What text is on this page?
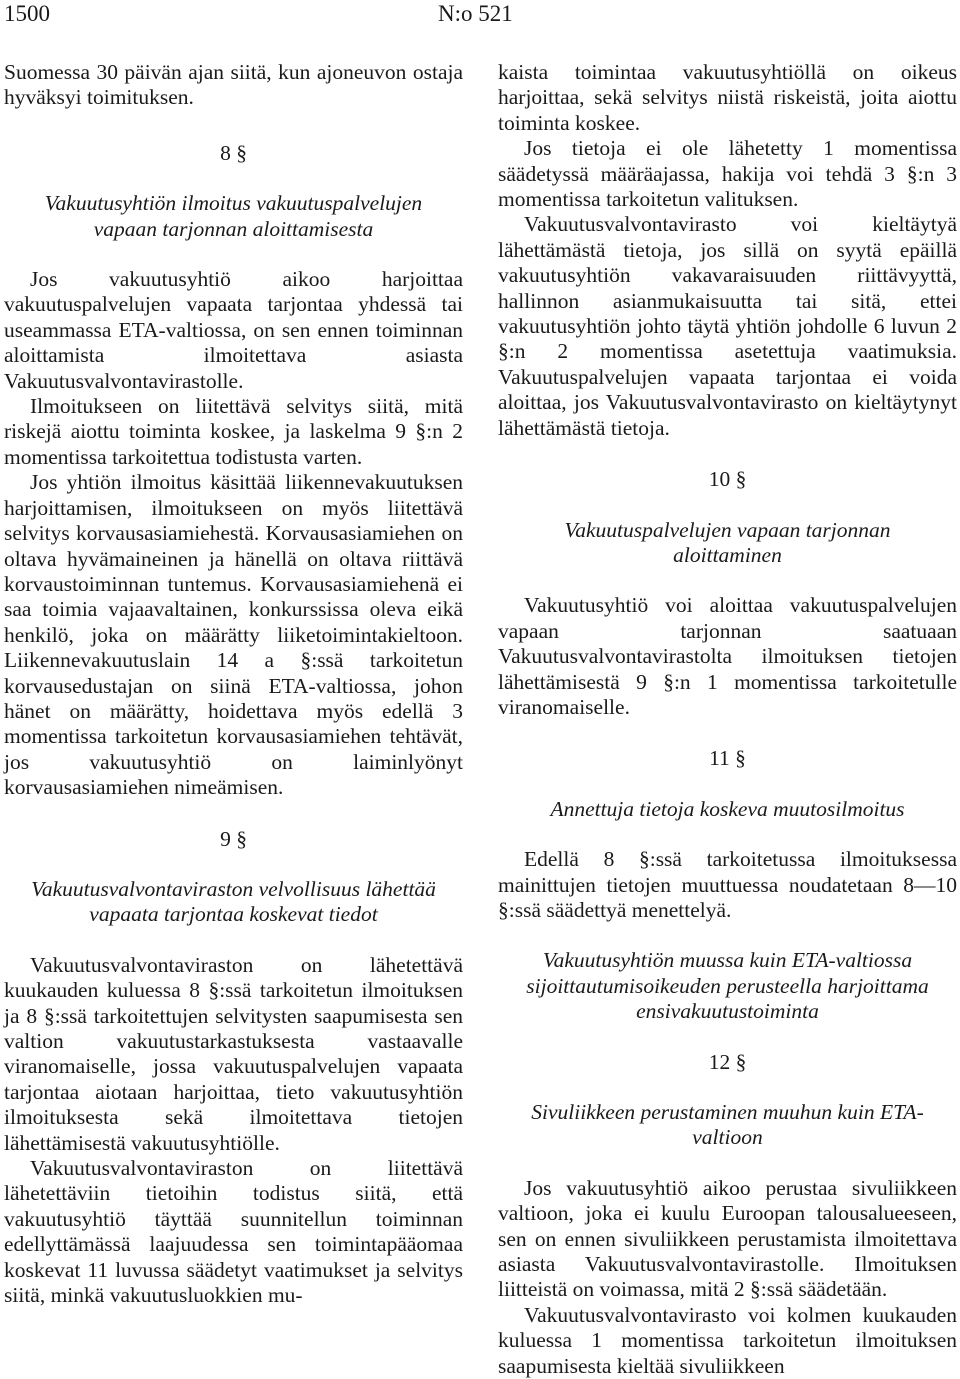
1500	N:o 521

Suomessa 30 päivän ajan siitä, kun ajoneuvon ostaja hyväksyi toimituksen.

8 §
Vakuutusyhtiön ilmoitus vakuutuspalvelujen vapaan tarjonnan aloittamisesta

Jos vakuutusyhtiö aikoo harjoittaa vakuutuspalvelujen vapaata tarjontaa yhdessä tai useammassa ETA-valtiossa, on sen ennen toiminnan aloittamista ilmoitettava asiasta Vakuutusvalvontavirastolle.

Ilmoitukseen on liitettävä selvitys siitä, mitä riskejä aiottu toiminta koskee, ja laskelma 9 §:n 2 momentissa tarkoitettua todistusta varten.

Jos yhtiön ilmoitus käsittää liikennevakuutuksen harjoittamisen, ilmoitukseen on myös liitettävä selvitys korvausasiamiehestä. Korvausasiamiehen on oltava hyvämaineinen ja hänellä on oltava riittävä korvaustoiminnan tuntemus. Korvausasiamiehenä ei saa toimia vajaavaltainen, konkurssissa oleva eikä henkilö, joka on määrätty liiketoimintakieltoon. Liikennevakuutuslain 14 a §:ssä tarkoitetun korvausedustajan on siinä ETA-valtiossa, johon hänet on määrätty, hoidettava myös edellä 3 momentissa tarkoitetun korvausasiamiehen tehtävät, jos vakuutusyhtiö on laiminlyönyt korvausasiamiehen nimeämisen.

9 §
Vakuutusvalvontaviraston velvollisuus lähettää vapaata tarjontaa koskevat tiedot

Vakuutusvalvontaviraston on lähetettävä kuukauden kuluessa 8 §:ssä tarkoitetun ilmoituksen ja 8 §:ssä tarkoitettujen selvitysten saapumisesta sen valtion vakuutustarkastuksesta vastaavalle viranomaiselle, jossa vakuutuspalvelujen vapaata tarjontaa aiotaan harjoittaa, tieto vakuutusyhtiön ilmoituksesta sekä ilmoitettava tietojen lähettämisestä vakuutusyhtiölle.

Vakuutusvalvontaviraston on liitettävä lähetettäviin tietoihin todistus siitä, että vakuutusyhtiö täyttää suunnitellun toiminnan edellyttämässä laajuudessa sen toimintapääomaa koskevat 11 luvussa säädetyt vaatimukset ja selvitys siitä, minkä vakuutusluokkien mu-

kaista toimintaa vakuutusyhtiöllä on oikeus harjoittaa, sekä selvitys niistä riskeistä, joita aiottu toiminta koskee.

Jos tietoja ei ole lähetetty 1 momentissa säädetyssä määräajassa, hakija voi tehdä 3 §:n 3 momentissa tarkoitetun valituksen.

Vakuutusvalvontavirasto voi kieltäytyä lähettämästä tietoja, jos sillä on syytä epäillä vakuutusyhtiön vakavaraisuuden riittävyyttä, hallinnon asianmukaisuutta tai sitä, ettei vakuutusyhtiön johto täytä yhtiön johdolle 6 luvun 2 §:n 2 momentissa asetettuja vaatimuksia. Vakuutuspalvelujen vapaata tarjontaa ei voida aloittaa, jos Vakuutusvalvontavirasto on kieltäytynyt lähettämästä tietoja.

10 §
Vakuutuspalvelujen vapaan tarjonnan aloittaminen

Vakuutusyhtiö voi aloittaa vakuutuspalvelujen vapaan tarjonnan saatuaan Vakuutusvalvontavirastolta ilmoituksen tietojen lähettämisestä 9 §:n 1 momentissa tarkoitetulle viranomaiselle.

11 §
Annettuja tietoja koskeva muutosilmoitus

Edellä 8 §:ssä tarkoitetussa ilmoituksessa mainittujen tietojen muuttuessa noudatetaan 8—10 §:ssä säädettyä menettelyä.

Vakuutusyhtiön muussa kuin ETA-valtiossa sijoittautumisoikeuden perusteella harjoittama ensivakuutustoiminta
12 §
Sivuliikkeen perustaminen muuhun kuin ETA-valtioon

Jos vakuutusyhtiö aikoo perustaa sivuliikkeen valtioon, joka ei kuulu Euroopan talousalueeseen, sen on ennen sivuliikkeen perustamista ilmoitettava asiasta Vakuutusvalvontavirastolle. Ilmoituksen liitteistä on voimassa, mitä 2 §:ssä säädetään.

Vakuutusvalvontavirasto voi kolmen kuukauden kuluessa 1 momentissa tarkoitetun ilmoituksen saapumisesta kieltää sivuliikkeen
